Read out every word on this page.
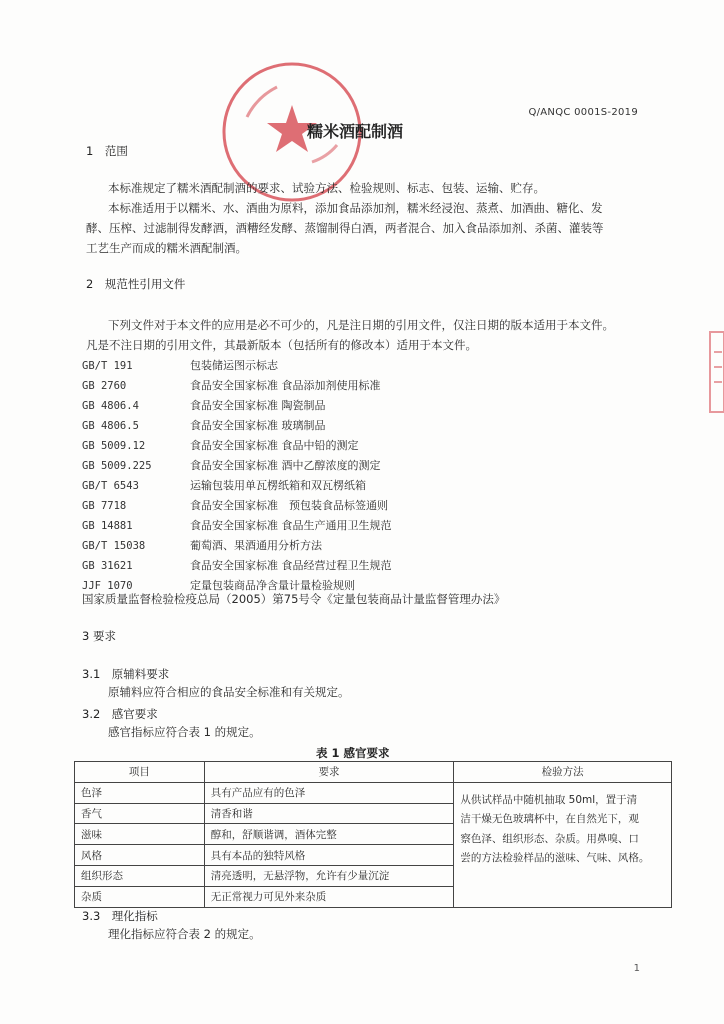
Q/ANQC 0001S-2019
糯米酒配制酒
1　范围
本标准规定了糯米酒配制酒的要求、试验方法、检验规则、标志、包装、运输、贮存。
本标准适用于以糯米、水、酒曲为原料，添加食品添加剂，糯米经浸泡、蒸煮、加酒曲、糖化、发
酵、压榨、过滤制得发酵酒，酒糟经发酵、蒸馏制得白酒，两者混合、加入食品添加剂、杀菌、灌装等
工艺生产而成的糯米酒配制酒。
2　规范性引用文件
下列文件对于本文件的应用是必不可少的，凡是注日期的引用文件，仅注日期的版本适用于本文件。
凡是不注日期的引用文件，其最新版本（包括所有的修改本）适用于本文件。
GB/T 191	包装储运图示标志
GB 2760	食品安全国家标准 食品添加剂使用标准
GB 4806.4	食品安全国家标准 陶瓷制品
GB 4806.5	食品安全国家标准 玻璃制品
GB 5009.12	食品安全国家标准 食品中铅的测定
GB 5009.225	食品安全国家标准 酒中乙醇浓度的测定
GB/T 6543	运输包装用单瓦楞纸箱和双瓦楞纸箱
GB 7718	食品安全国家标准　预包装食品标签通则
GB 14881	食品安全国家标准 食品生产通用卫生规范
GB/T 15038	葡萄酒、果酒通用分析方法
GB 31621	食品安全国家标准 食品经营过程卫生规范
JJF 1070	定量包装商品净含量计量检验规则
国家质量监督检验检疫总局（2005）第75号令《定量包装商品计量监督管理办法》
3 要求
3.1　原辅料要求
原辅料应符合相应的食品安全标准和有关规定。
3.2　感官要求
感官指标应符合表 1 的规定。
表 1 感官要求
项目	要求	检验方法
色泽	具有产品应有的色泽	从供试样品中随机抽取 50ml，置于清
洁干燥无色玻璃杯中，在自然光下，观
察色泽、组织形态、杂质。用鼻嗅、口
尝的方法检验样品的滋味、气味、风格。

香气	清香和谐	
滋味	醇和，舒顺谐调，酒体完整	
风格	具有本品的独特风格	
组织形态	清亮透明，无悬浮物，允许有少量沉淀	
杂质	无正常视力可见外来杂质	
3.3　理化指标
理化指标应符合表 2 的规定。
1
